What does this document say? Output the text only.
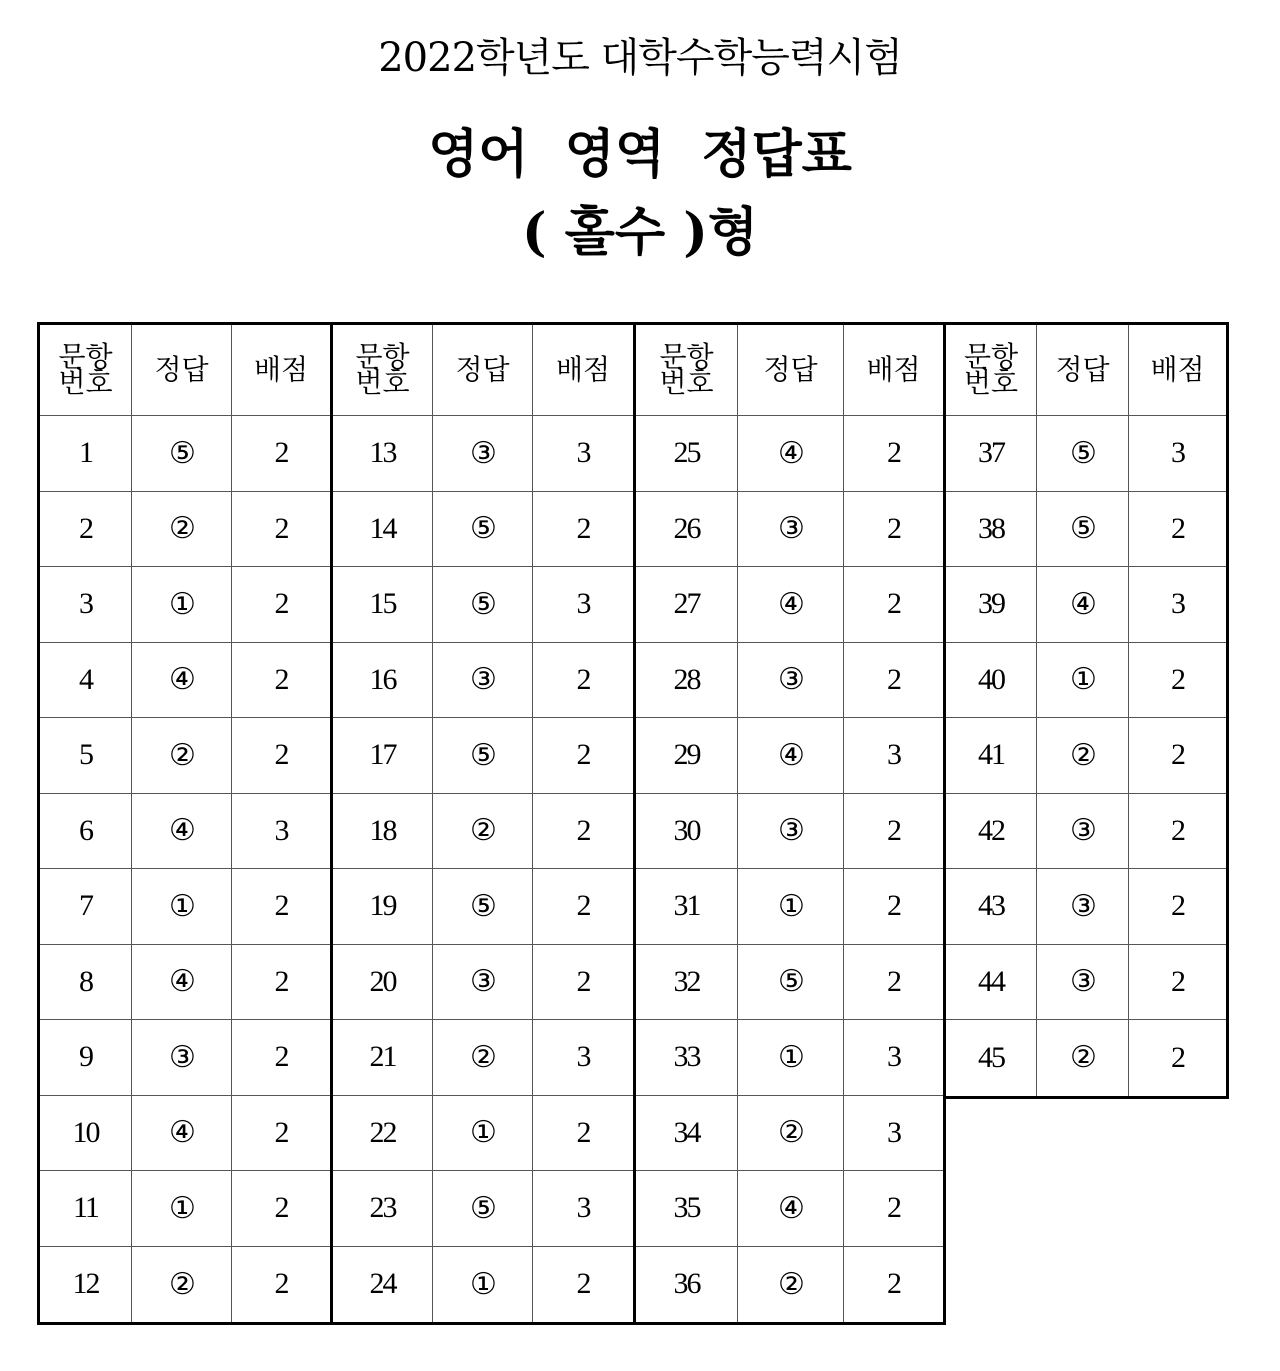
2022학년도 대학수학능력시험
영어 영역 정답표
( 홀수 )형
문항
번호	정답	배점
1	⑤	2
2	②	2
3	①	2
4	④	2
5	②	2
6	④	3
7	①	2
8	④	2
9	③	2
10	④	2
11	①	2
12	②	2
문항
번호	정답	배점
13	③	3
14	⑤	2
15	⑤	3
16	③	2
17	⑤	2
18	②	2
19	⑤	2
20	③	2
21	②	3
22	①	2
23	⑤	3
24	①	2
문항
번호	정답	배점
25	④	2
26	③	2
27	④	2
28	③	2
29	④	3
30	③	2
31	①	2
32	⑤	2
33	①	3
34	②	3
35	④	2
36	②	2
문항
번호	정답	배점
37	⑤	3
38	⑤	2
39	④	3
40	①	2
41	②	2
42	③	2
43	③	2
44	③	2
45	②	2
